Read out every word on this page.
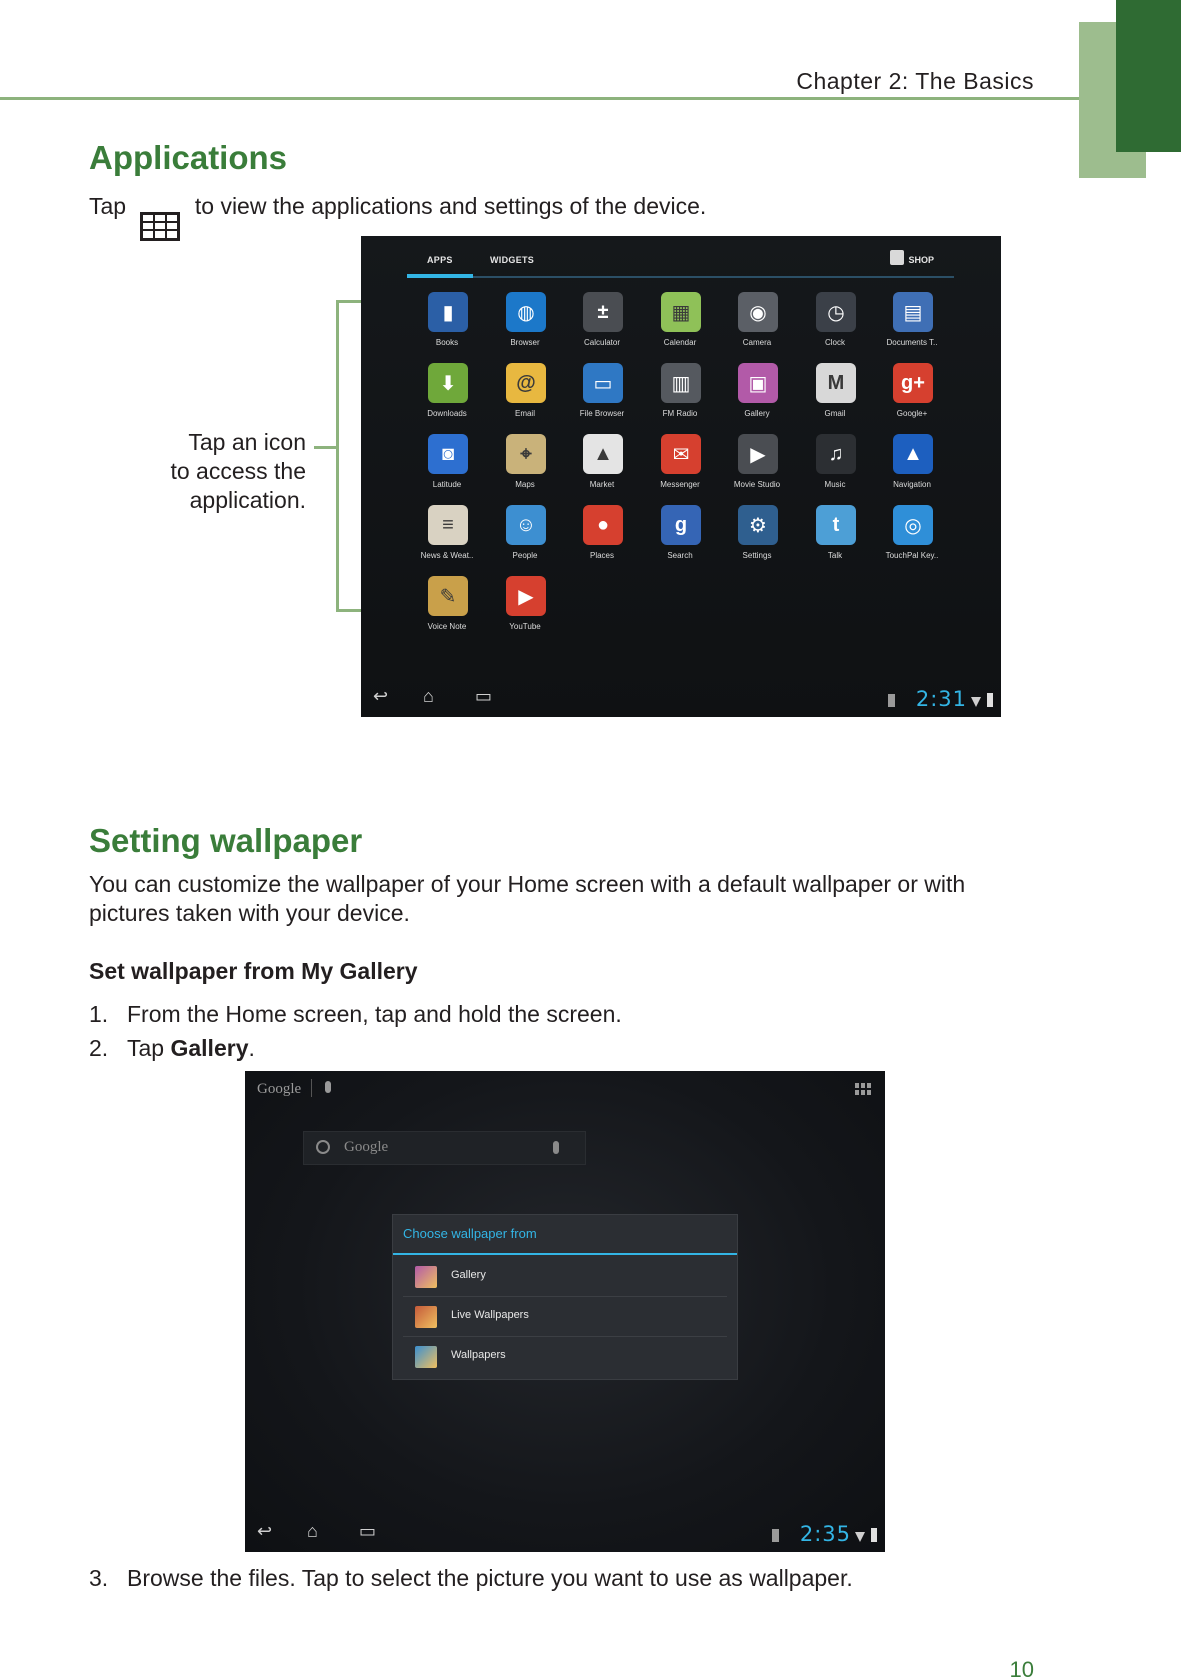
Chapter 2: The Basics
Applications
Tap	to view the applications and settings of the device.
Tap an icon
to access the
application.
APPS	WIDGETS	SHOP
▮
Books
◍
Browser
±
Calculator
▦
Calendar
◉
Camera
◷
Clock
▤
Documents T..
⬇
Downloads
@
Email
▭
File Browser
▥
FM Radio
▣
Gallery
M
Gmail
g+
Google+
◙
Latitude
⌖
Maps
▲
Market
✉
Messenger
▶
Movie Studio
♫
Music
▲
Navigation
≡
News & Weat..
☺
People
●
Places
g
Search
⚙
Settings
t
Talk
◎
TouchPal Key..
✎
Voice Note
▶
YouTube
↩ ⌂ ▭	2:31
Setting wallpaper
You can customize the wallpaper of your Home screen with a default wallpaper or with
pictures taken with your device.
Set wallpaper from My Gallery
1. From the Home screen, tap and hold the screen.
2. Tap Gallery.
Google
Google
Choose wallpaper from
Gallery
Live Wallpapers
Wallpapers
↩ ⌂ ▭	2:35
3. Browse the files. Tap to select the picture you want to use as wallpaper.
10
